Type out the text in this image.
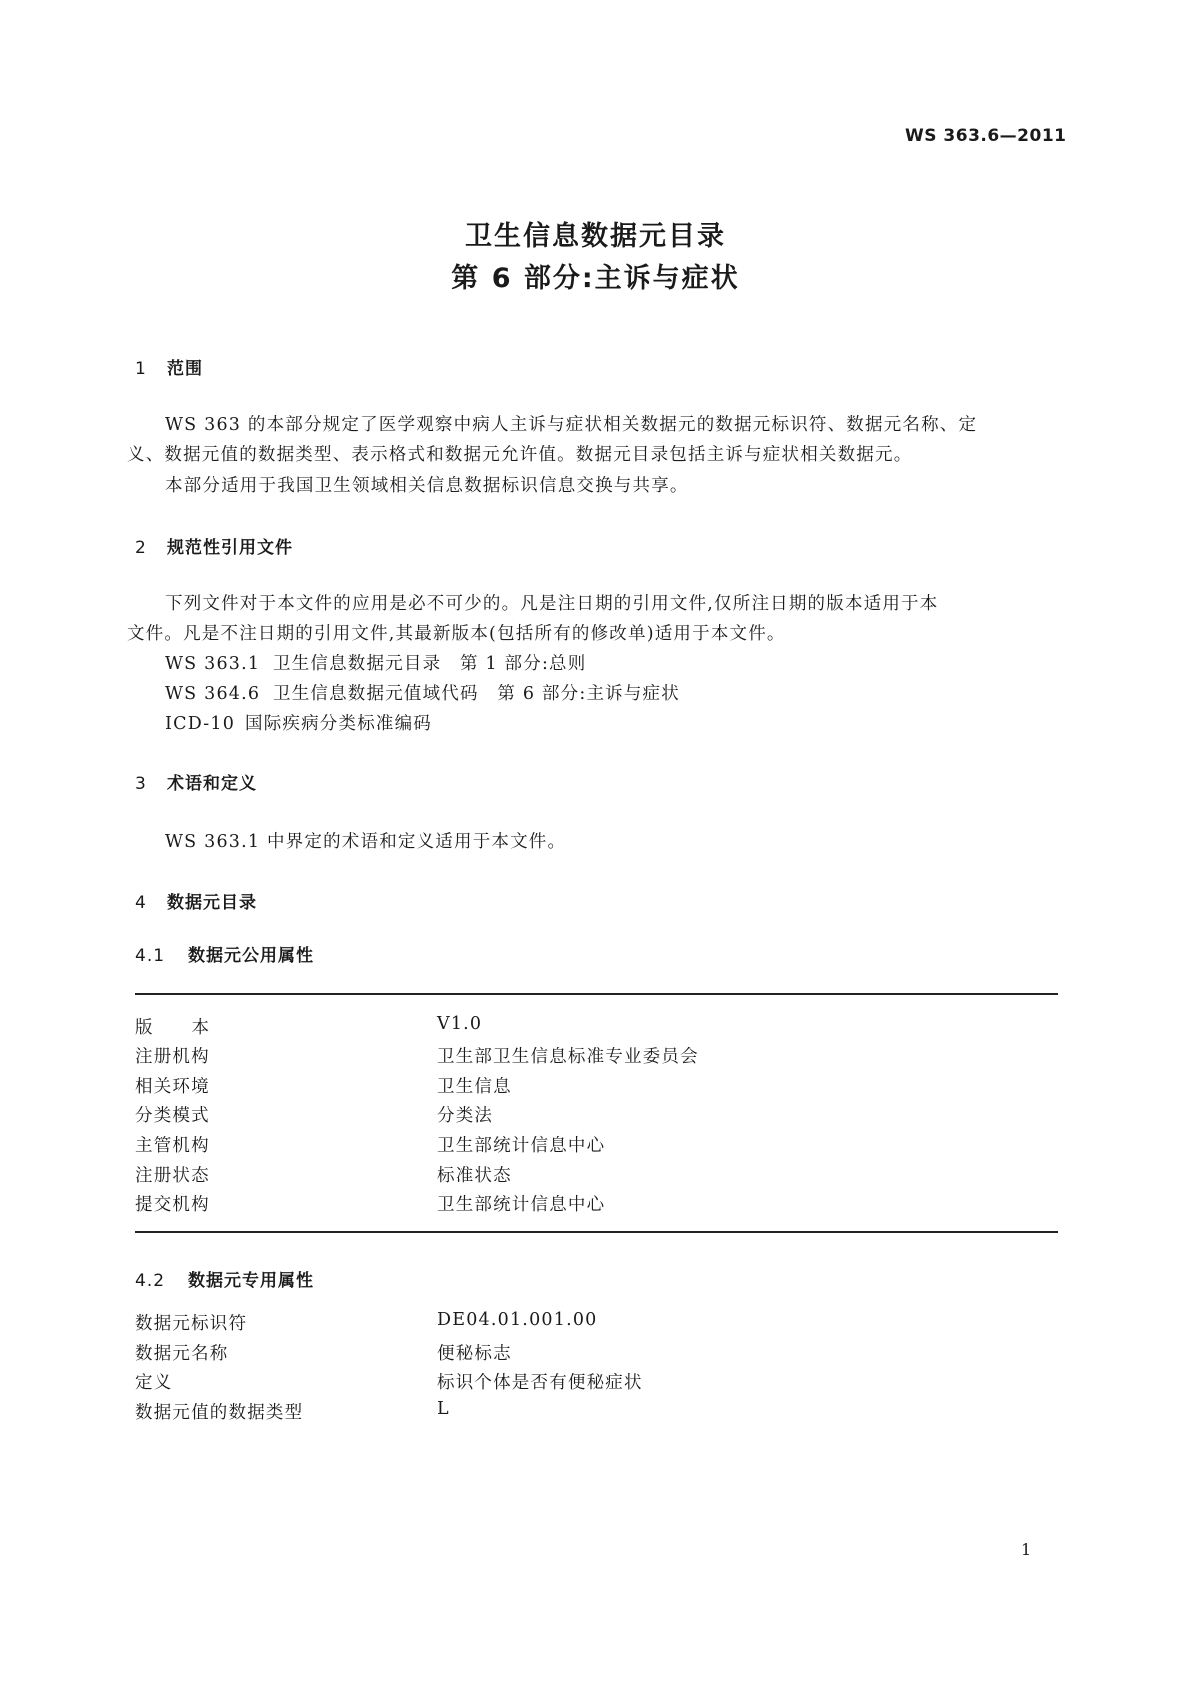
WS 363.6—2011
卫生信息数据元目录
第 6 部分:主诉与症状
1 范围
WS 363 的本部分规定了医学观察中病人主诉与症状相关数据元的数据元标识符、数据元名称、定
义、数据元值的数据类型、表示格式和数据元允许值。数据元目录包括主诉与症状相关数据元。
本部分适用于我国卫生领域相关信息数据标识信息交换与共享。
2 规范性引用文件
下列文件对于本文件的应用是必不可少的。凡是注日期的引用文件,仅所注日期的版本适用于本
文件。凡是不注日期的引用文件,其最新版本(包括所有的修改单)适用于本文件。
WS 363.1 卫生信息数据元目录　第 1 部分:总则
WS 364.6 卫生信息数据元值域代码　第 6 部分:主诉与症状
ICD-10 国际疾病分类标准编码
3 术语和定义
WS 363.1 中界定的术语和定义适用于本文件。
4 数据元目录
4.1 数据元公用属性
版本	V1.0
注册机构	卫生部卫生信息标准专业委员会
相关环境	卫生信息
分类模式	分类法
主管机构	卫生部统计信息中心
注册状态	标准状态
提交机构	卫生部统计信息中心
4.2 数据元专用属性
数据元标识符	DE04.01.001.00
数据元名称	便秘标志
定义	标识个体是否有便秘症状
数据元值的数据类型	L
1
